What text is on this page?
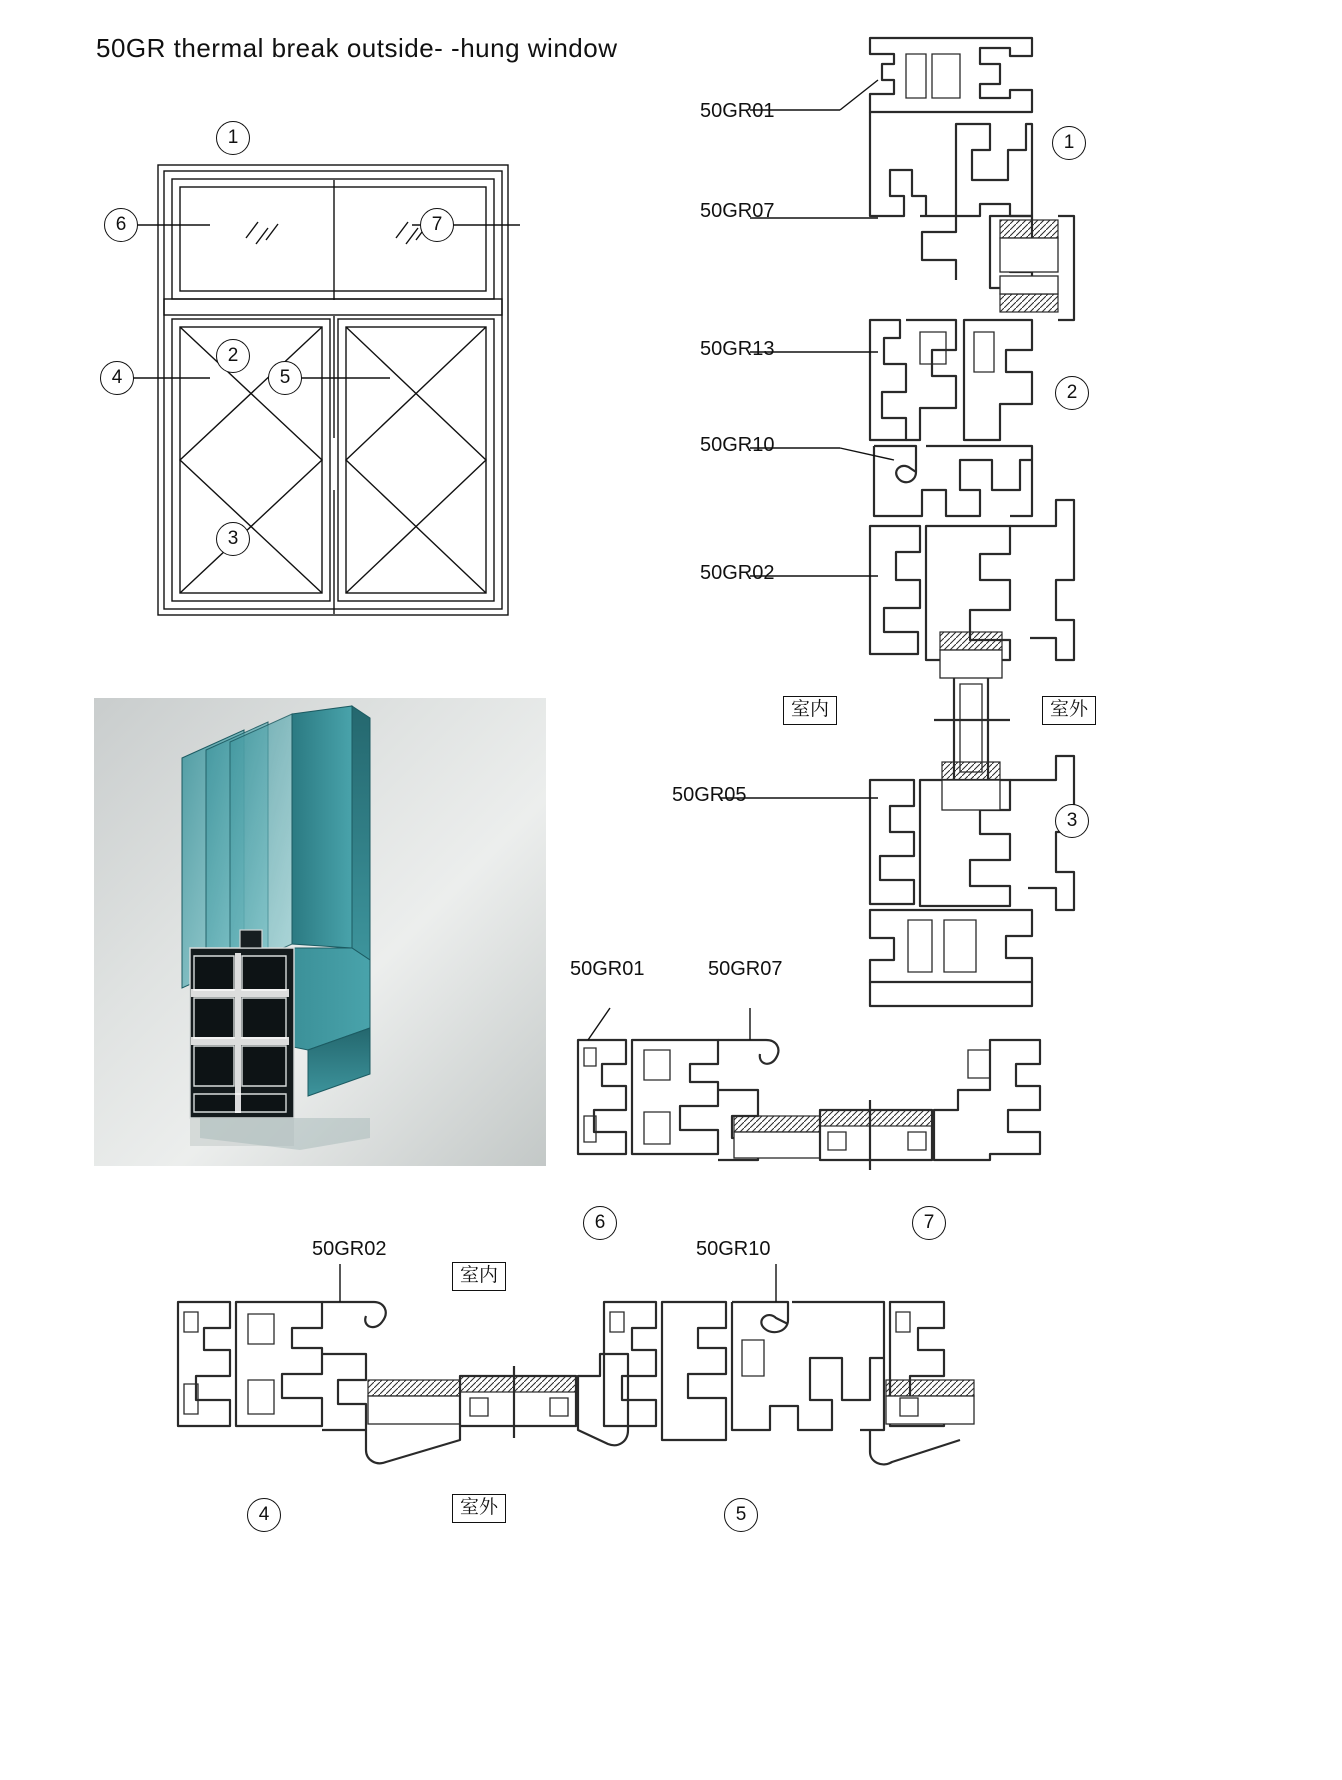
50GR thermal break outside- -hung window
1
6	7
2
4	5
3
50GR01
50GR07
50GR13
50GR10
50GR02
50GR05
1
2
3
室内	室外
50GR01	50GR07
6	7
50GR02	50GR10
室内
室外
4	5
